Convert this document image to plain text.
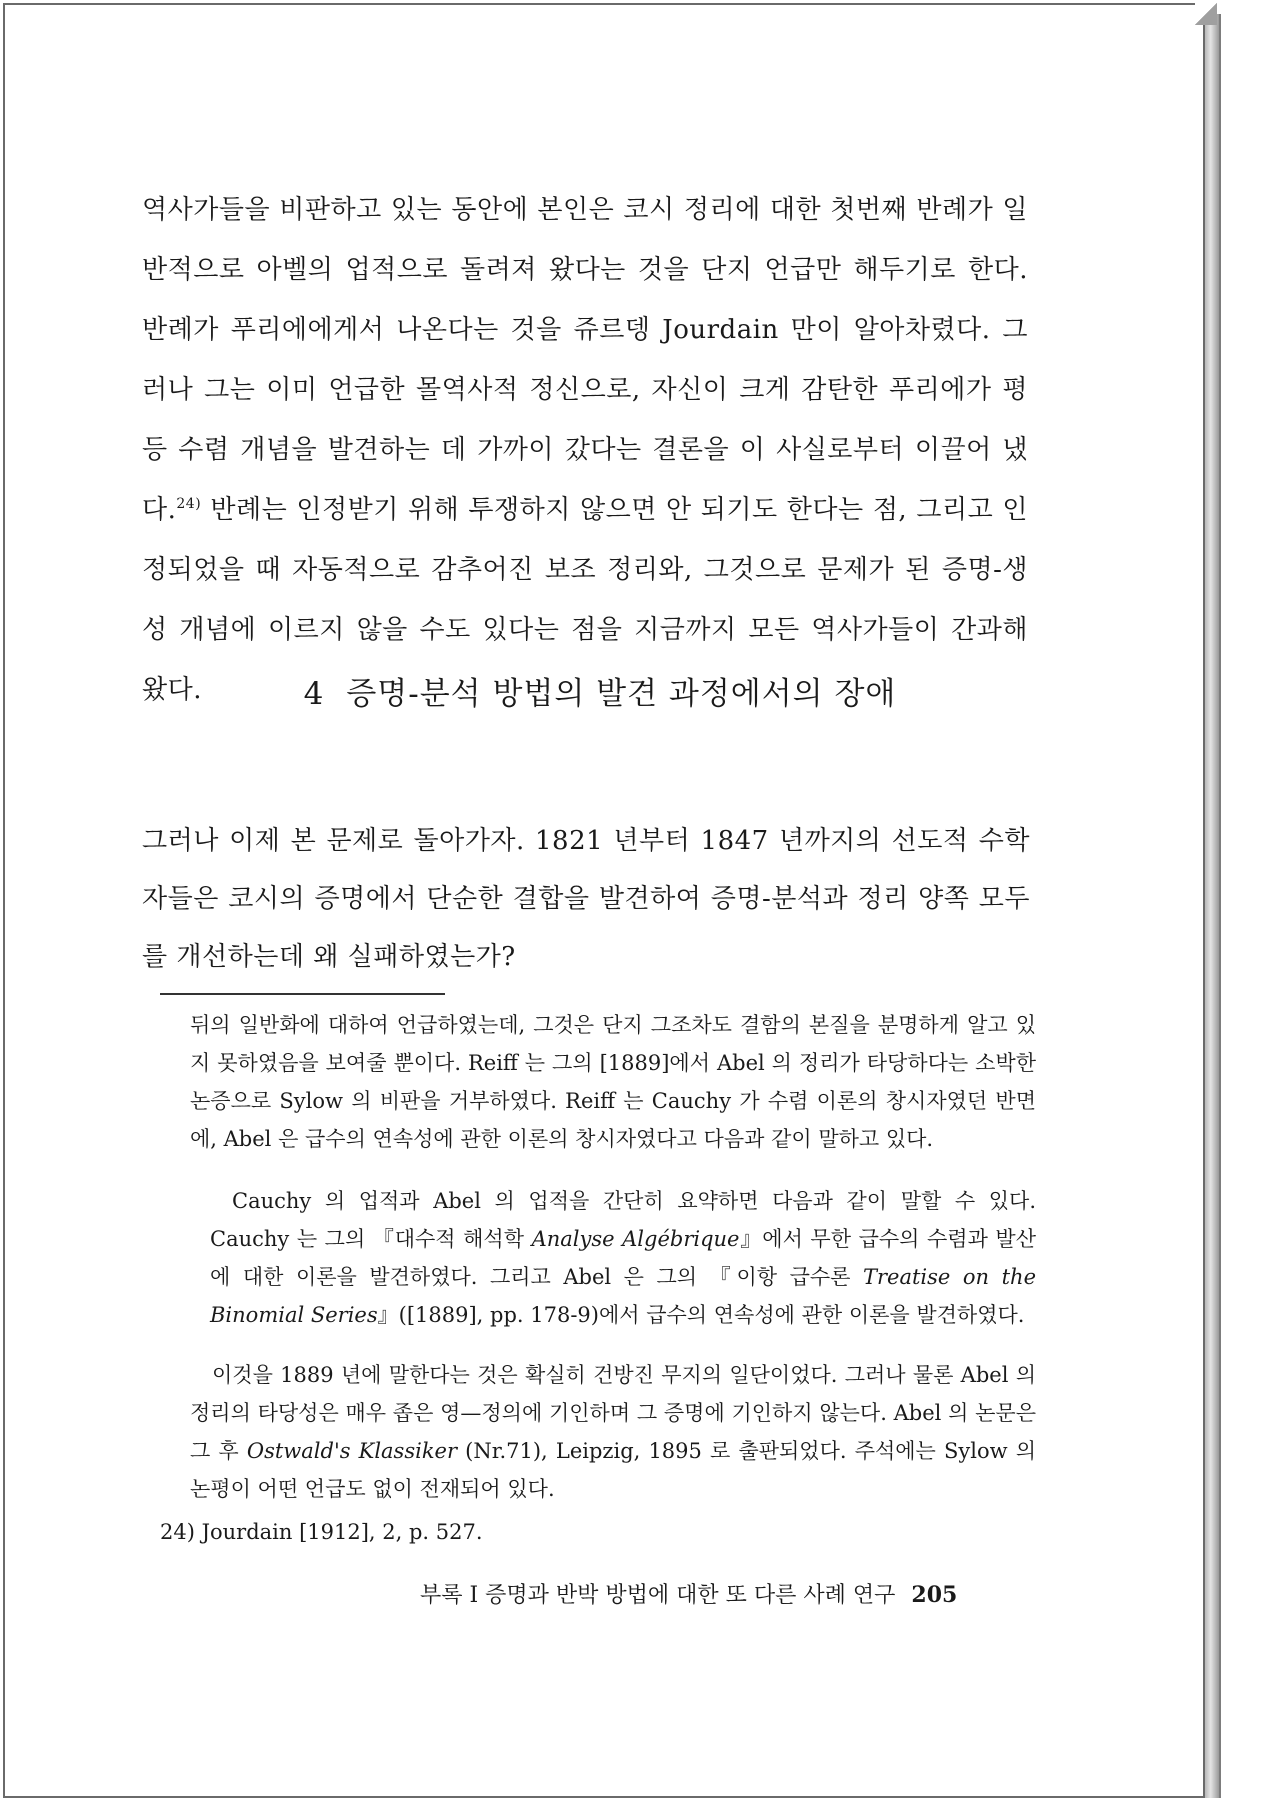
역사가들을 비판하고 있는 동안에 본인은 코시 정리에 대한 첫번째 반례가 일반적으로 아벨의 업적으로 돌려져 왔다는 것을 단지 언급만 해두기로 한다. 반례가 푸리에에게서 나온다는 것을 쥬르뎅 Jourdain 만이 알아차렸다. 그러나 그는 이미 언급한 몰역사적 정신으로, 자신이 크게 감탄한 푸리에가 평등 수렴 개념을 발견하는 데 가까이 갔다는 결론을 이 사실로부터 이끌어 냈다.$^{24)}$ 반례는 인정받기 위해 투쟁하지 않으면 안 되기도 한다는 점, 그리고 인정되었을 때 자동적으로 감추어진 보조 정리와, 그것으로 문제가 된 증명-생성 개념에 이르지 않을 수도 있다는 점을 지금까지 모든 역사가들이 간과해 왔다.	4 증명-분석 방법의 발견 과정에서의 장애

그러나 이제 본 문제로 돌아가자. 1821 년부터 1847 년까지의 선도적 수학자들은 코시의 증명에서 단순한 결합을 발견하여 증명-분석과 정리 양쪽 모두를 개선하는데 왜 실패하였는가?

뒤의 일반화에 대하여 언급하였는데, 그것은 단지 그조차도 결함의 본질을 분명하게 알고 있지 못하였음을 보여줄 뿐이다. Reiff 는 그의 [1889]에서 Abel 의 정리가 타당하다는 소박한 논증으로 Sylow 의 비판을 거부하였다. Reiff 는 Cauchy 가 수렴 이론의 창시자였던 반면에, Abel 은 급수의 연속성에 관한 이론의 창시자였다고 다음과 같이 말하고 있다.

Cauchy 의 업적과 Abel 의 업적을 간단히 요약하면 다음과 같이 말할 수 있다. Cauchy 는 그의 『대수적 해석학 Analyse Algébrique』에서 무한 급수의 수렴과 발산에 대한 이론을 발견하였다. 그리고 Abel 은 그의 『이항 급수론 Treatise on the Binomial Series』([1889], pp. 178-9)에서 급수의 연속성에 관한 이론을 발견하였다.

이것을 1889 년에 말한다는 것은 확실히 건방진 무지의 일단이었다. 그러나 물론 Abel 의 정리의 타당성은 매우 좁은 영—정의에 기인하며 그 증명에 기인하지 않는다. Abel 의 논문은 그 후 Ostwald's Klassiker (Nr.71), Leipzig, 1895 로 출판되었다. 주석에는 Sylow 의 논평이 어떤 언급도 없이 전재되어 있다.

24) Jourdain [1912], 2, p. 527.

부록 I 증명과 반박 방법에 대한 또 다른 사례 연구 205
